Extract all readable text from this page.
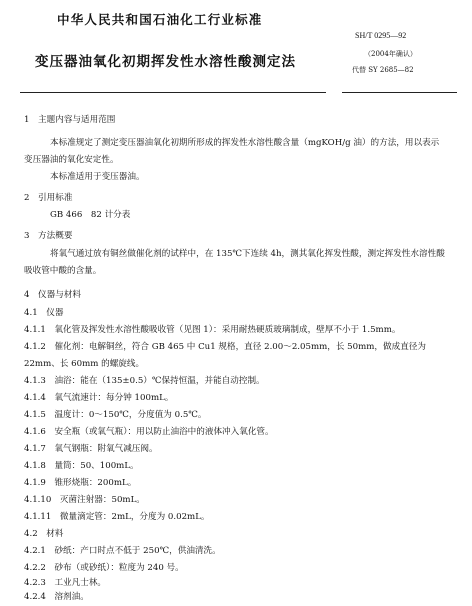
中华人民共和国石油化工行业标准
SH/T 0295—92
变压器油氧化初期挥发性水溶性酸测定法	（2004年确认）
代替 SY 2685—82
1　主题内容与适用范围
本标准规定了测定变压器油氧化初期所形成的挥发性水溶性酸含量（mgKOH/g 油）的方法，用以表示变压器油的氧化安定性。
本标准适用于变压器油。
2　引用标准
GB 466　82 计分表
3　方法概要
将氧气通过放有铜丝做催化剂的试样中，在 135℃下连续 4h，测其氧化挥发性酸，测定挥发性水溶性酸吸收管中酸的含量。
4　仪器与材料
4.1　仪器
4.1.1　氧化管及挥发性水溶性酸吸收管（见图 1）：采用耐热硬质玻璃制成，壁厚不小于 1.5mm。
4.1.2　催化剂：电解铜丝，符合 GB 465 中 Cu1 规格，直径 2.00～2.05mm，长 50mm，做成直径为 22mm、长 60mm 的螺旋线。
4.1.3　油浴：能在（135±0.5）℃保持恒温，并能自动控制。
4.1.4　氧气流速计：每分钟 100mL。
4.1.5　温度计：0～150℃，分度值为 0.5℃。
4.1.6　安全瓶（或氧气瓶）：用以防止油浴中的液体冲入氧化管。
4.1.7　氧气钢瓶：附氧气减压阀。
4.1.8　量筒：50、100mL。
4.1.9　锥形烧瓶：200mL。
4.1.10　灭菌注射器：50mL。
4.1.11　微量滴定管：2mL，分度为 0.02mL。
4.2　材料
4.2.1　砂纸：产口时点不低于 250℃，供油清洗。
4.2.2　砂布（或砂纸）：粒度为 240 号。
4.2.3　工业凡士林。
4.2.4　溶剂油。
